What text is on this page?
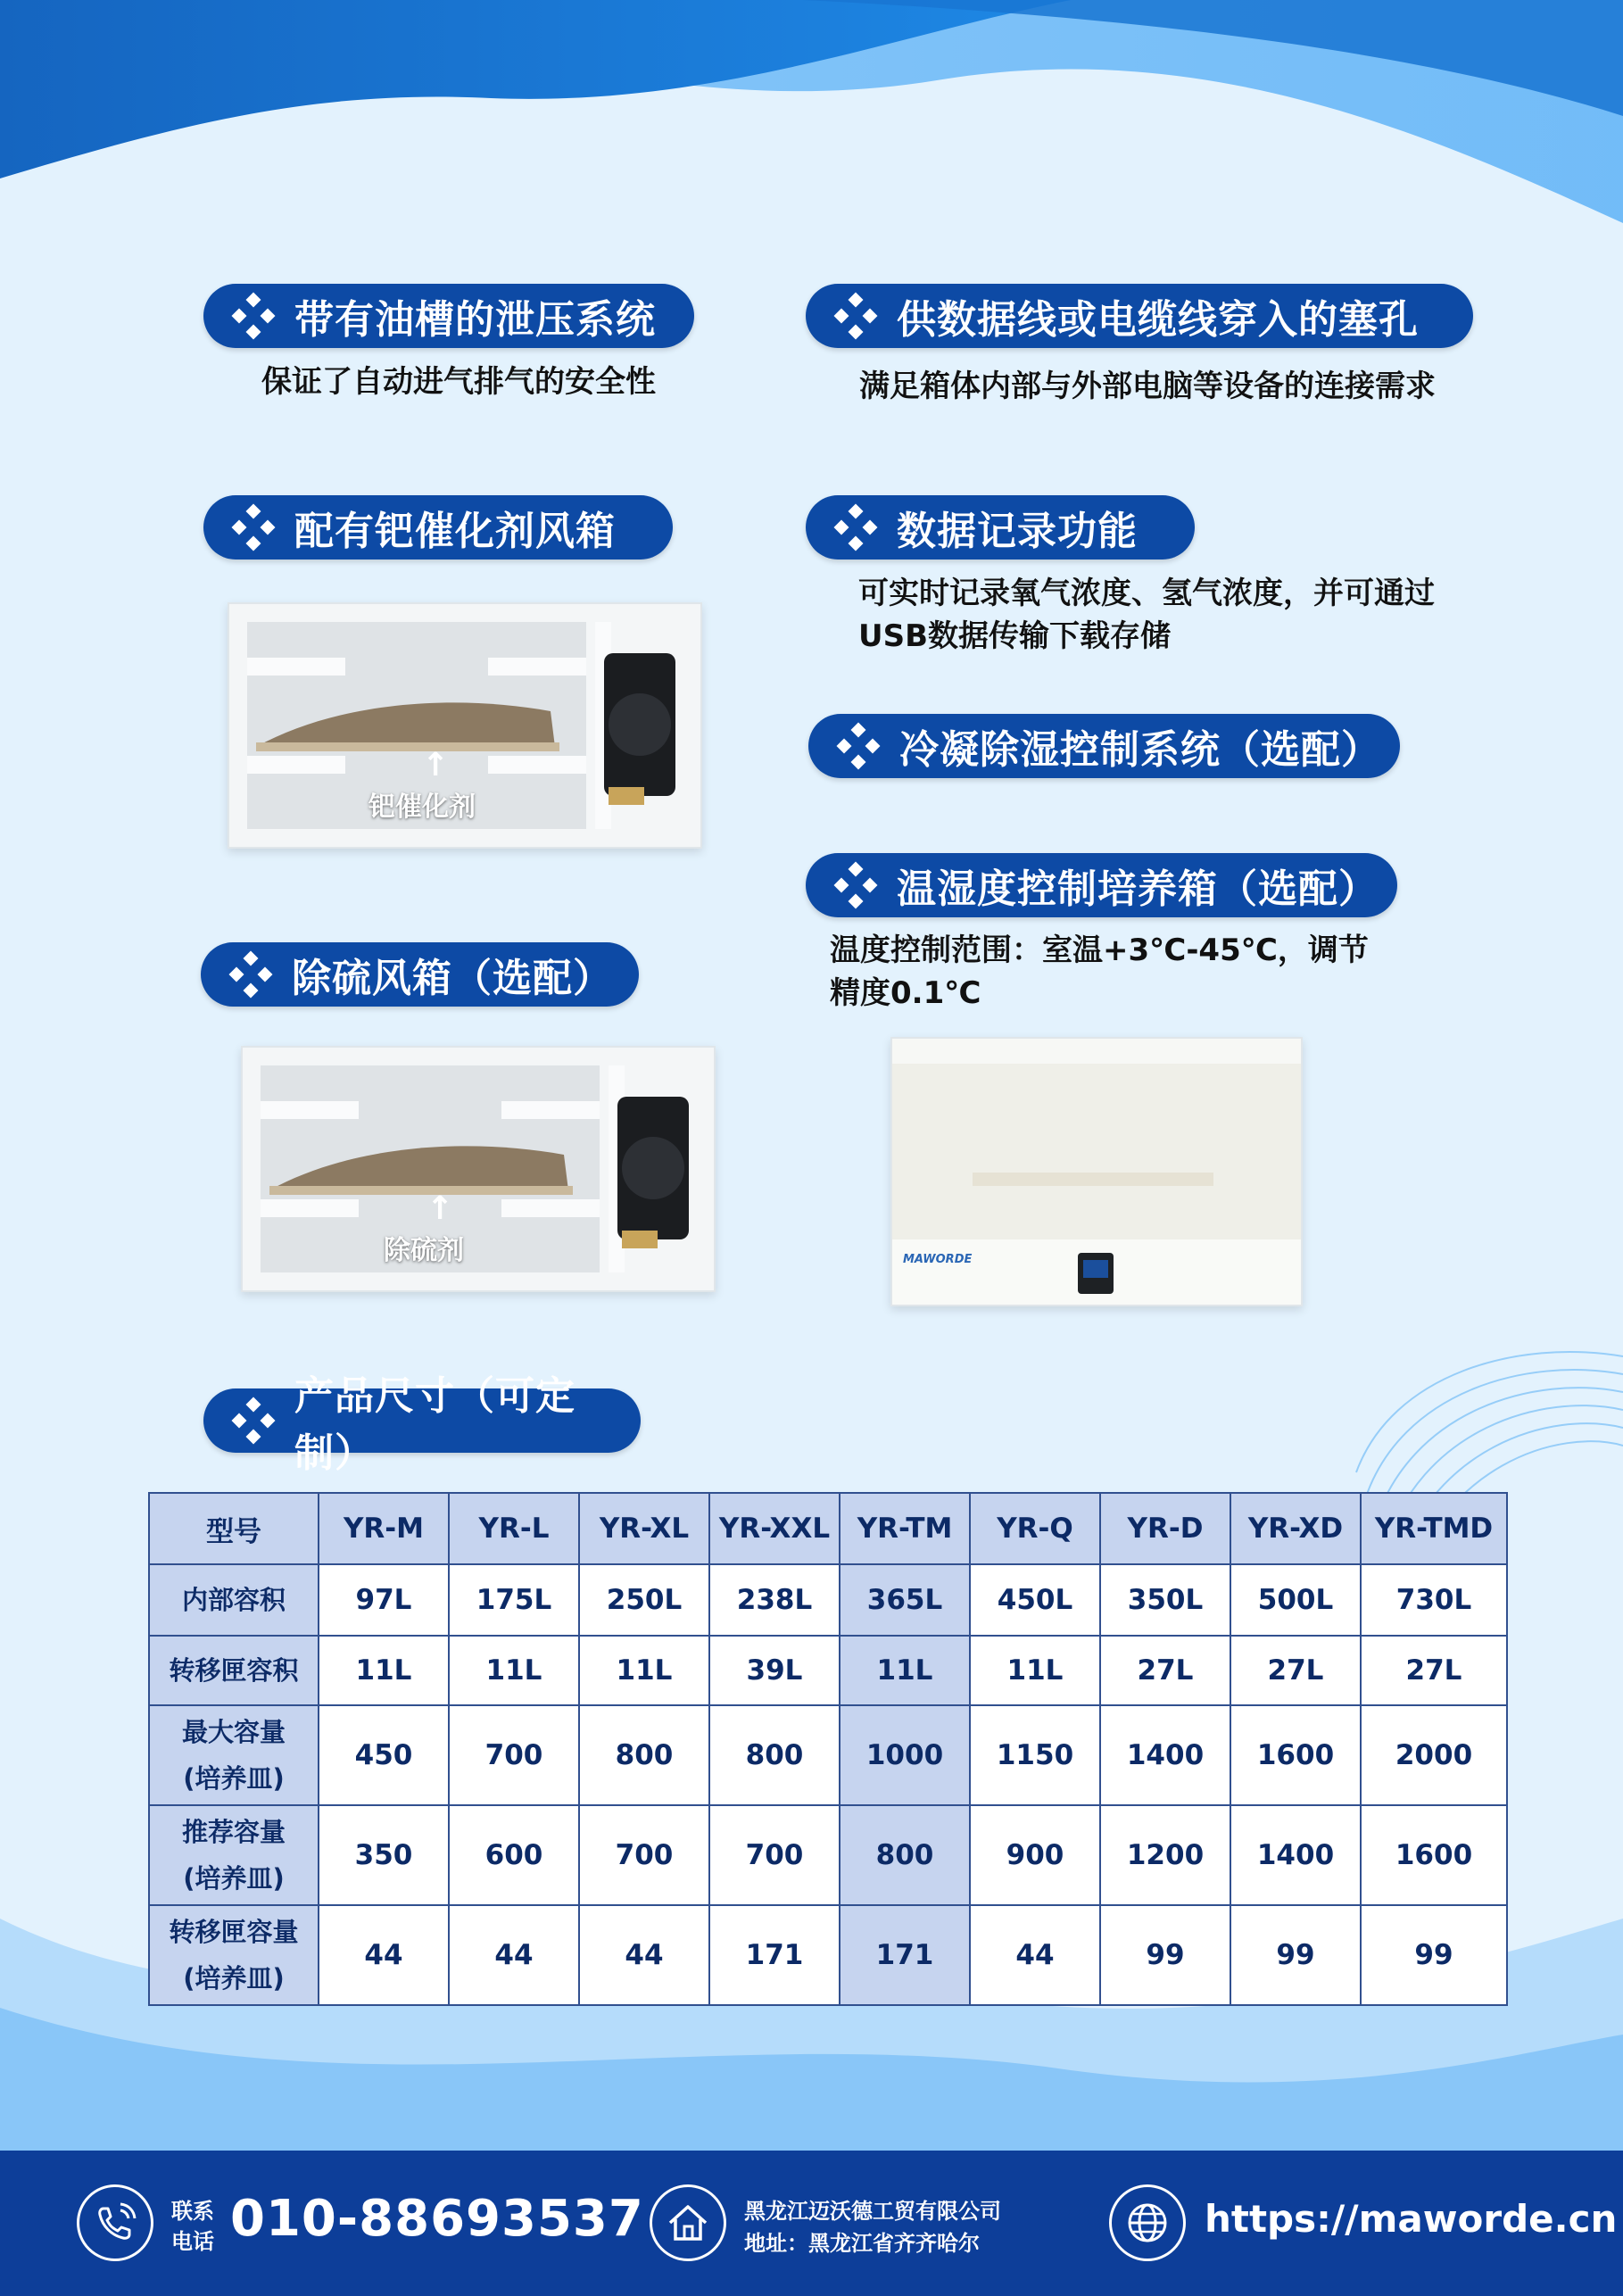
带有油槽的泄压系统
保证了自动进气排气的安全性
供数据线或电缆线穿入的塞孔
满足箱体内部与外部电脑等设备的连接需求
配有钯催化剂风箱	数据记录功能
可实时记录氧气浓度、氢气浓度，并可通过
USB数据传输下载存储
冷凝除湿控制系统（选配）
温湿度控制培养箱（选配）
温度控制范围：室温+3℃-45℃，调节
精度0.1℃
除硫风箱（选配）
↑
钯催化剂
↑
除硫剂	MAWORDE
产品尺寸（可定制）
型号	YR-M	YR-L	YR-XL	YR-XXL	YR-TM	YR-Q	YR-D	YR-XD	YR-TMD
内部容积	97L	175L	250L	238L	365L	450L	350L	500L	730L
转移匣容积	11L	11L	11L	39L	11L	11L	27L	27L	27L
最大容量
(培养皿)	450	700	800	800	1000	1150	1400	1600	2000
推荐容量
(培养皿)	350	600	700	700	800	900	1200	1400	1600
转移匣容量
(培养皿)	44	44	44	171	171	44	99	99	99
联系
电话 010-88693537	黑龙江迈沃德工贸有限公司
地址：黑龙江省齐齐哈尔
https://maworde.cn
